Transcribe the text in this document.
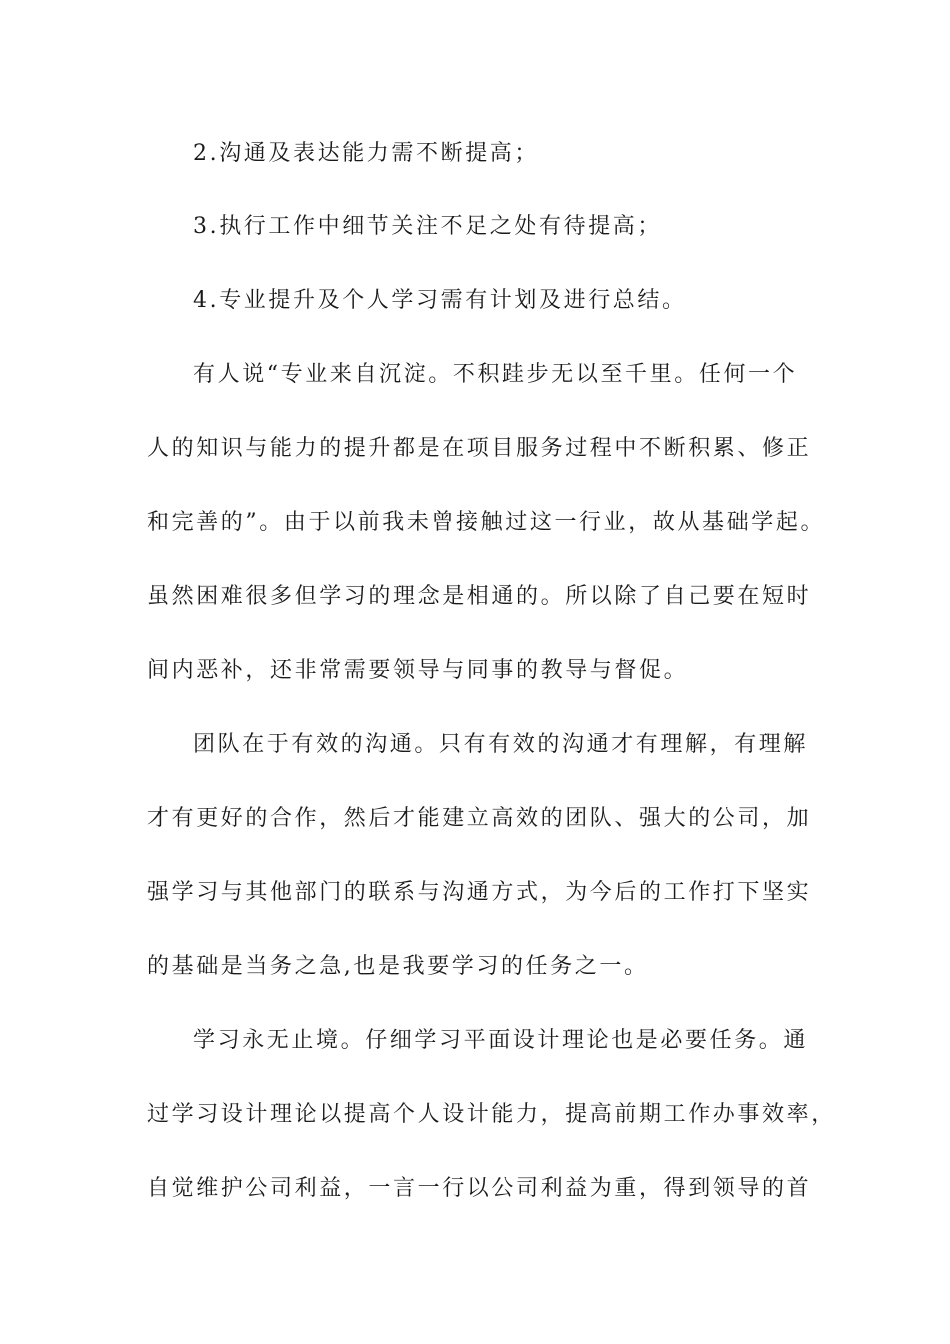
2.沟通及表达能力需不断提高；
3.执行工作中细节关注不足之处有待提高；
4.专业提升及个人学习需有计划及进行总结。
有人说“专业来自沉淀。不积跬步无以至千里。任何一个
人的知识与能力的提升都是在项目服务过程中不断积累、修正
和完善的”。由于以前我未曾接触过这一行业，故从基础学起。
虽然困难很多但学习的理念是相通的。所以除了自己要在短时
间内恶补，还非常需要领导与同事的教导与督促。
团队在于有效的沟通。只有有效的沟通才有理解，有理解
才有更好的合作，然后才能建立高效的团队、强大的公司，加
强学习与其他部门的联系与沟通方式，为今后的工作打下坚实
的基础是当务之急,也是我要学习的任务之一。
学习永无止境。仔细学习平面设计理论也是必要任务。通
过学习设计理论以提高个人设计能力，提高前期工作办事效率，
自觉维护公司利益，一言一行以公司利益为重，得到领导的首
